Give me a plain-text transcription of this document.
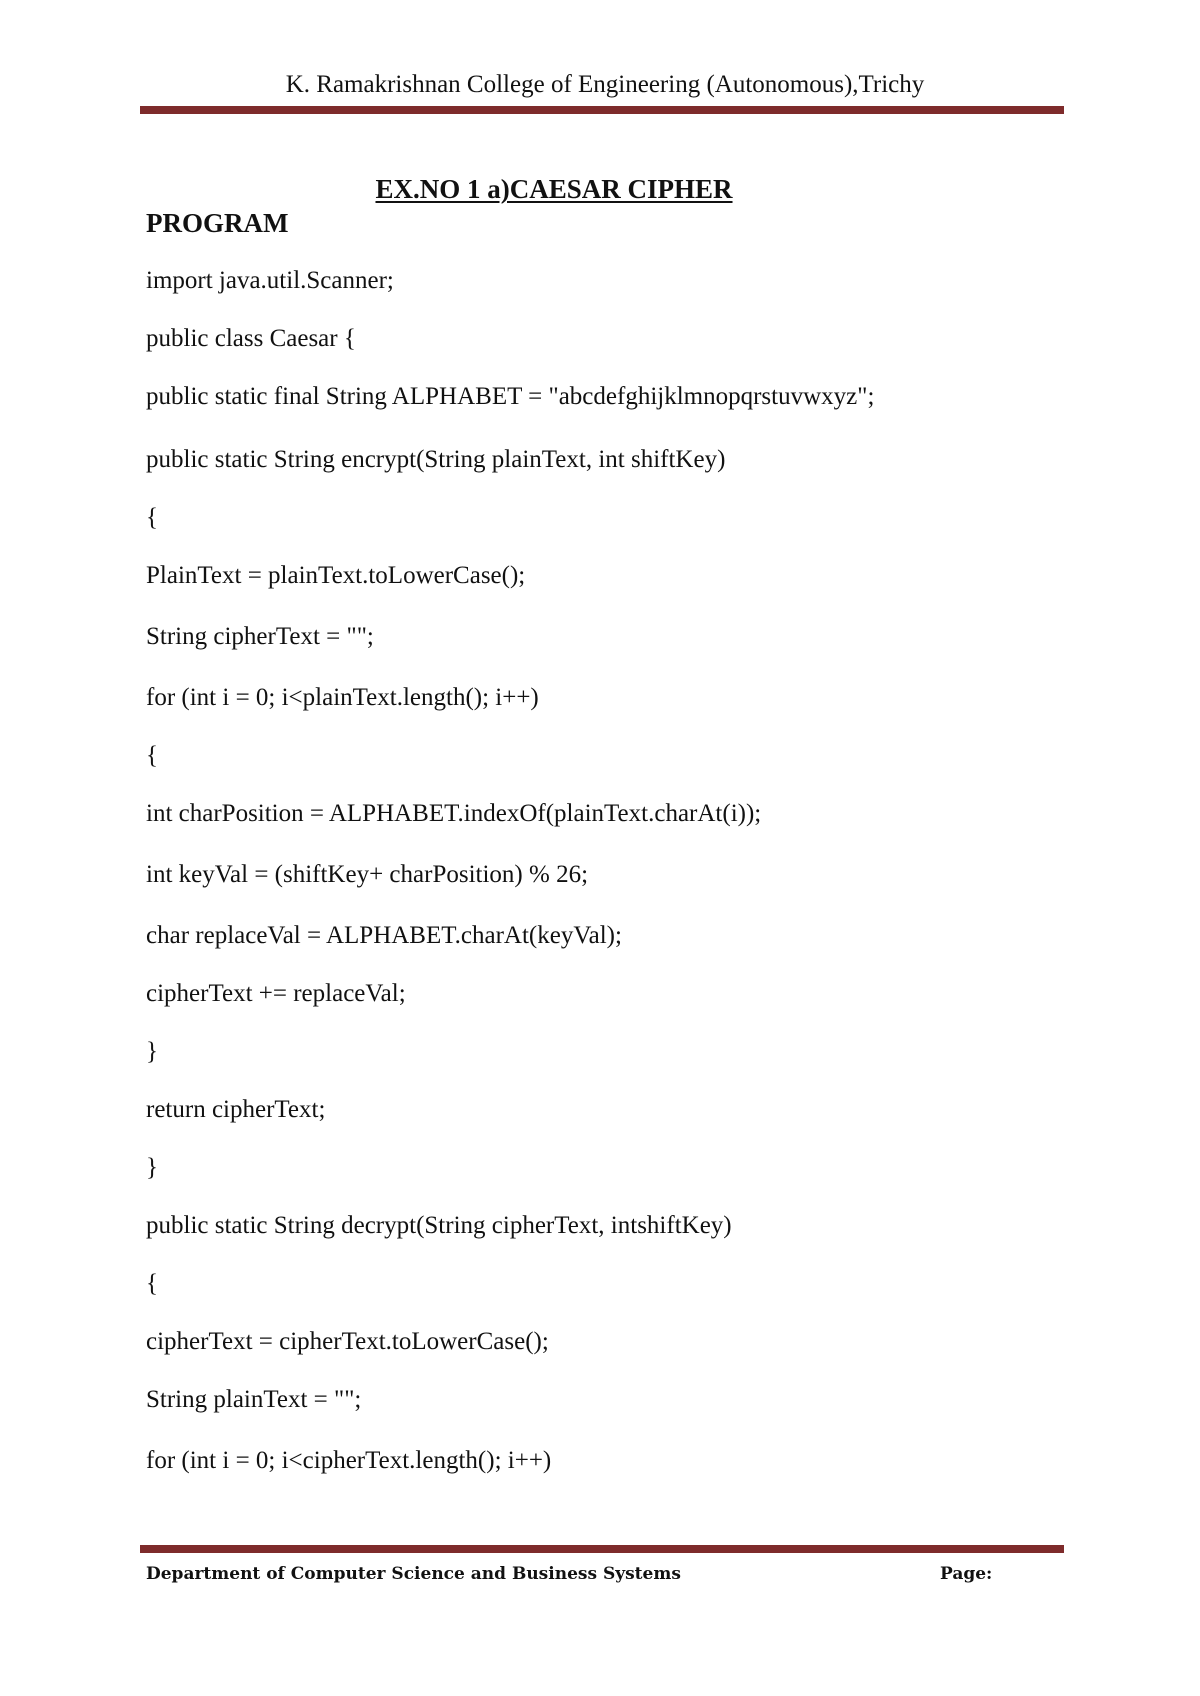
K. Ramakrishnan College of Engineering (Autonomous),Trichy
EX.NO 1 a)CAESAR CIPHER
PROGRAM
import java.util.Scanner;
public class Caesar {
public static final String ALPHABET = "abcdefghijklmnopqrstuvwxyz";
public static String encrypt(String plainText, int shiftKey)
{
PlainText = plainText.toLowerCase();
String cipherText = "";
for (int i = 0; i<plainText.length(); i++)
{
int charPosition = ALPHABET.indexOf(plainText.charAt(i));
int keyVal = (shiftKey+ charPosition) % 26;
char replaceVal = ALPHABET.charAt(keyVal);
cipherText += replaceVal;
}
return cipherText;
}
public static String decrypt(String cipherText, intshiftKey)
{
cipherText = cipherText.toLowerCase();
String plainText = "";
for (int i = 0; i<cipherText.length(); i++)
Department of Computer Science and Business Systems	Page:
